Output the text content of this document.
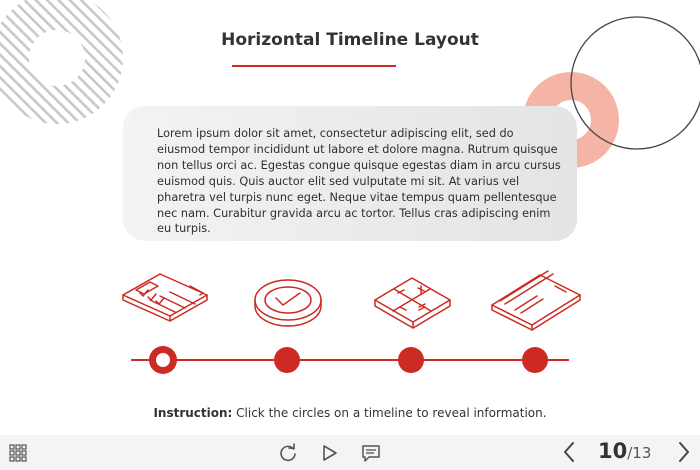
Horizontal Timeline Layout
Lorem ipsum dolor sit amet, consectetur adipiscing elit, sed do eiusmod tempor incididunt ut labore et dolore magna. Rutrum quisque non tellus orci ac. Egestas congue quisque egestas diam in arcu cursus euismod quis. Quis auctor elit sed vulputate mi sit. At varius vel pharetra vel turpis nunc eget. Neque vitae tempus quam pellentesque nec nam. Curabitur gravida arcu ac tortor. Tellus cras adipiscing enim eu turpis.
Instruction: Click the circles on a timeline to reveal information.
10/13
